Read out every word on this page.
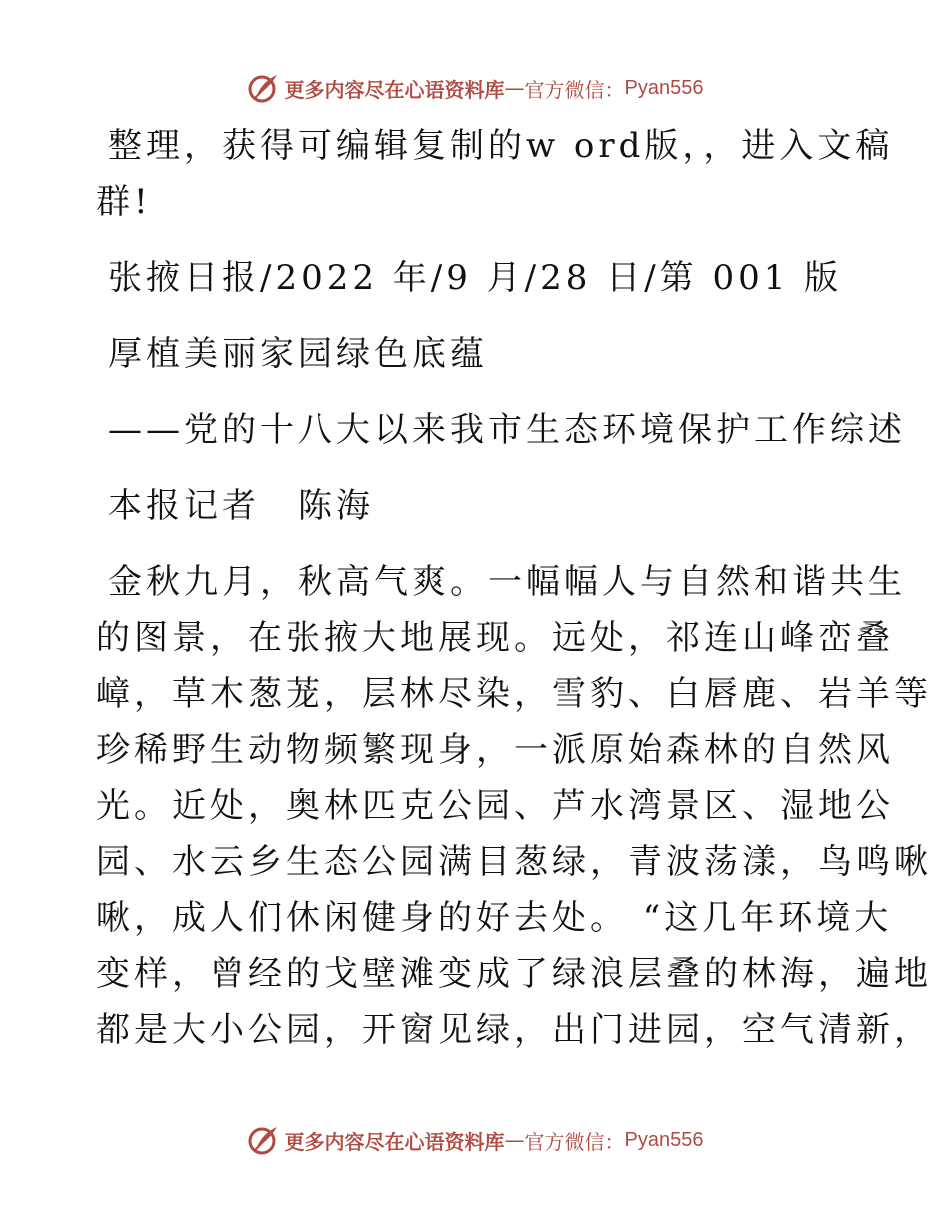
更多内容尽在心语资料库 — 官方微信： Pyan556
整理，获得可编辑复制的w ord版，，进入文稿
群!
张掖日报/2022 年/9 月/28 日/第 001 版
厚植美丽家园绿色底蕴
——党的十八大以来我市生态环境保护工作综述
本报记者　陈海
金秋九月，秋高气爽。一幅幅人与自然和谐共生
的图景，在张掖大地展现。远处，祁连山峰峦叠
嶂，草木葱茏，层林尽染，雪豹、白唇鹿、岩羊等
珍稀野生动物频繁现身，一派原始森林的自然风
光。近处，奥林匹克公园、芦水湾景区、湿地公
园、水云乡生态公园满目葱绿，青波荡漾，鸟鸣啾
啾，成人们休闲健身的好去处。 “这几年环境大
变样，曾经的戈壁滩变成了绿浪层叠的林海，遍地
都是大小公园，开窗见绿，出门进园，空气清新，
更多内容尽在心语资料库 — 官方微信： Pyan556
